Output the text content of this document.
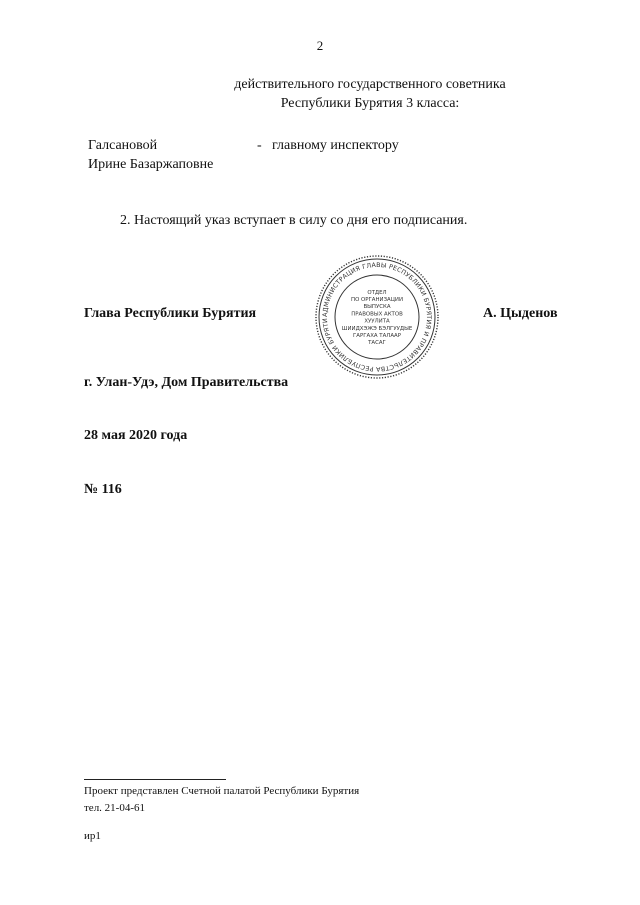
2
действительного государственного советника
Республики Бурятия 3 класса:
Галсановой	- главному инспектору
Ирине Базаржаповне
2. Настоящий указ вступает в силу со дня его подписания.
Глава Республики Бурятия	А. Цыденов
АДМИНИСТРАЦИЯ ГЛАВЫ РЕСПУБЛИКИ БУРЯТИЯ И ПРАВИТЕЛЬСТВА РЕСПУБЛИКИ БУРЯТИ
ОТДЕЛ
ПО ОРГАНИЗАЦИИ
ВЫПУСКА
ПРАВОВЫХ АКТОВ
ХУУЛИТА
ШИИДХЭЖЭ БЭЛГУУДЫЕ
ГАРГАХА ТАЛААР
ТАСАГ
г. Улан-Удэ, Дом Правительства
28 мая 2020 года
№ 116
Проект представлен Счетной палатой Республики Бурятия
тел. 21-04-61
ир1
